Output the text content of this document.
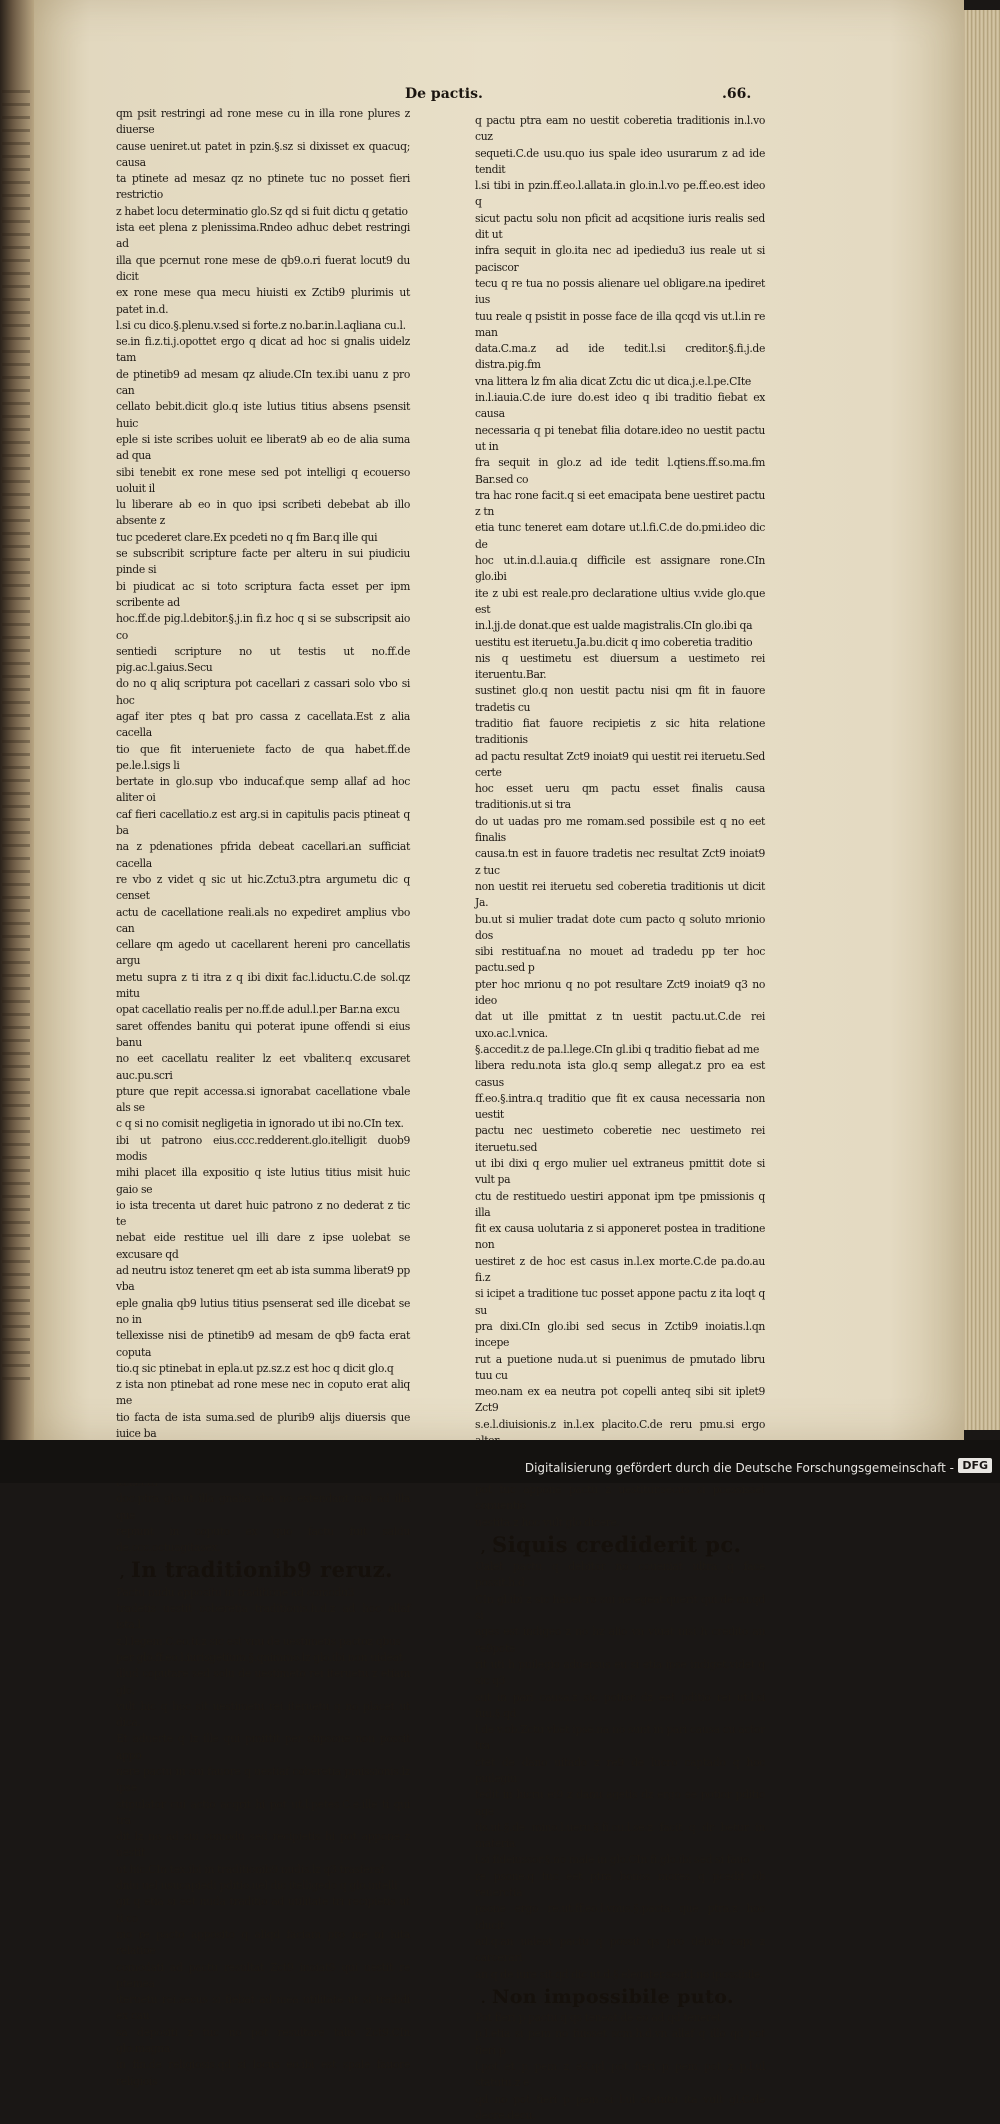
De pactis.	.66.

qm psit restringi ad rone mese cu in illa rone plures z diuerse
cause ueniret.ut patet in pzin.§.sz si dixisset ex quacuq; causa
ta ptinete ad mesaz qz no ptinete tuc no posset fieri restrictio
z habet locu determinatio glo.Sz qd si fuit dictu q getatio
ista eet plena z plenissima.Rndeo adhuc debet restringi ad
illa que pcernut rone mese de qb9.o.ri fuerat locut9 du dicit
ex rone mese qua mecu hiuisti ex Zctib9 plurimis ut patet in.d.
l.si cu dico.§.plenu.v.sed si forte.z no.bar.in.l.aqliana cu.l.
se.in fi.z.ti.j.opottet ergo q dicat ad hoc si gnalis uidelz tam
de ptinetib9 ad mesam qz aliude.CIn tex.ibi uanu z pro can
cellato bebit.dicit glo.q iste lutius titius absens psensit huic
eple si iste scribes uoluit ee liberat9 ab eo de alia suma ad qua
sibi tenebit ex rone mese sed pot intelligi q ecouerso uoluit il
lu liberare ab eo in quo ipsi scribeti debebat ab illo absente z
tuc pcederet clare.Ex pcedeti no q fm Bar.q ille qui
se subscribit scripture facte per alteru in sui piudiciu pinde si
bi piudicat ac si toto scriptura facta esset per ipm scribente ad
hoc.ff.de pig.l.debitor.§.j.in fi.z hoc q si se subscripsit aio co
sentiedi scripture no ut testis ut no.ff.de pig.ac.l.gaius.Secu
do no q aliq scriptura pot cacellari z cassari solo vbo si hoc
agaf iter ptes q bat pro cassa z cacellata.Est z alia cacella
tio que fit interueniete facto de qua habet.ff.de pe.le.l.sigs li
bertate in glo.sup vbo inducaf.que semp allaf ad hoc aliter oi
caf fieri cacellatio.z est arg.si in capitulis pacis ptineat q ba
na z pdenationes pfrida debeat cacellari.an sufficiat cacella
re vbo z videt q sic ut hic.Zctu3.ptra argumetu dic q censet
actu de cacellatione reali.als no expediret amplius vbo can
cellare qm agedo ut cacellarent hereni pro cancellatis argu
metu supra z ti itra z q ibi dixit fac.l.iductu.C.de sol.qz mitu
opat cacellatio realis per no.ff.de adul.l.per Bar.na excu
saret offendes banitu qui poterat ipune offendi si eius banu
no eet cacellatu realiter lz eet vbaliter.q excusaret auc.pu.scri
pture que repit accessa.si ignorabat cacellatione vbale als se
c q si no comisit negligetia in ignorado ut ibi no.CIn tex.
ibi ut patrono eius.ccc.redderent.glo.itelligit duob9 modis
mihi placet illa expositio q iste lutius titius misit huic gaio se
io ista trecenta ut daret huic patrono z no dederat z tic te
nebat eide restitue uel illi dare z ipse uolebat se excusare qd
ad neutru istoz teneret qm eet ab ista summa liberat9 pp vba
eple gnalia qb9 lutius titius psenserat sed ille dicebat se no in
tellexisse nisi de ptinetib9 ad mesam de qb9 facta erat coputa
tio.q sic ptinebat in epla.ut pz.sz.z est hoc q dicit glo.q
z ista non ptinebat ad rone mese nec in coputo erat aliq me
tio facta de ista suma.sed de plurib9 alijs diuersis que iuice ba

doc.ptra glo.ut illa gnalia vba no extendant nisi ad illa que
repiunt in coputo ex quo factu fuit saldu de.ccc.octuagitasex.

, In traditionib9 reruz.

Pactu nudu appositu in traditione ad comodu3
tradetis uestit coberetia traditionis.h.d.z ad hoc allaf ista.l.
z.l.legem.C.eo.ti.z sic est vnu de uestimetis pactoz qbus
per glo.ff.eo.l.iurisgetium.§.qnimmo.lz glo.ibi non uideat
illud coputare sed solu de uestimeto rei iteruetu z etiam glo.
vult hic q hoc sit uestimetu rei iteruetu q no placet ut dica.
Et aduerte q lz ille qui pmittit per stipsone non possit appo
nere pactu in sui fauore q uestiaf coberetia pmissionis.lz ipse
stipulator cui actio acqrit hi pot ut.l.petes.C.e.ille ti qui tra
dit lz no ad sui comodu sed recipietis hi pot appone z uestit
ut hic.CIn tex.ibi in traditionib9 nudis.lz q3 trasferaf
dniu uel usucapiedi pditio.uel dic itelligedo q glo.intelli
git q etia si eet nuda traditio ad utilitate tri recipietis ut ti co
mo re pacto apposito q aliqd faciam pro me ni hita relatioe
comodati ad pactu resultat Zct9 inoiat9 qui uestit re ptemea
iteruetu rei.secus si fiebat ad mea utilitate ut si tradidi ex cau
sa depositi z tuc no pot resultare talis Zct9.CIn glo.magna
in fin.de religiosis.qd si locus eo.ibi est spale fauore religiois

q pactu ptra eam no uestit coberetia traditionis in.l.vo cuz
sequeti.C.de usu.quo ius spale ideo usurarum z ad ide tendit
l.si tibi in pzin.ff.eo.l.allata.in glo.in.l.vo pe.ff.eo.est ideo q
sicut pactu solu non pficit ad acqsitione iuris realis sed dit ut
infra sequit in glo.ita nec ad ipediedu3 ius reale ut si paciscor
tecu q re tua no possis alienare uel obligare.na ipediret ius
tuu reale q psistit in posse face de illa qcqd vis ut.l.in re man
data.C.ma.z ad ide tedit.l.si creditor.§.fi.j.de distra.pig.fm
vna littera lz fm alia dicat Zctu dic ut dica.j.e.l.pe.CIte
in.l.iauia.C.de iure do.est ideo q ibi traditio fiebat ex causa
necessaria q pi tenebat filia dotare.ideo no uestit pactu ut in
fra sequit in glo.z ad ide tedit l.qtiens.ff.so.ma.fm Bar.sed co
tra hac rone facit.q si eet emacipata bene uestiret pactu z tn
etia tunc teneret eam dotare ut.l.fi.C.de do.pmi.ideo dic de
hoc ut.in.d.l.auia.q difficile est assignare rone.CIn glo.ibi
ite z ubi est reale.pro declaratione ultius v.vide glo.que est
in.l.jj.de donat.que est ualde magistralis.CIn glo.ibi qa
uestitu est iteruetu.Ja.bu.dicit q imo coberetia traditio
nis q uestimetu est diuersum a uestimeto rei iteruentu.Bar.
sustinet glo.q non uestit pactu nisi qm fit in fauore tradetis cu
traditio fiat fauore recipietis z sic hita relatione traditionis
ad pactu resultat Zct9 inoiat9 qui uestit rei iteruetu.Sed certe
hoc esset ueru qm pactu esset finalis causa traditionis.ut si tra
do ut uadas pro me romam.sed possibile est q no eet finalis
causa.tn est in fauore tradetis nec resultat Zct9 inoiat9 z tuc
non uestit rei iteruetu sed coberetia traditionis ut dicit Ja.
bu.ut si mulier tradat dote cum pacto q soluto mrionio dos
sibi restituaf.na no mouet ad tradedu pp ter hoc pactu.sed p
pter hoc mrionu q no pot resultare Zct9 inoiat9 q3 no ideo
dat ut ille pmittat z tn uestit pactu.ut.C.de rei uxo.ac.l.vnica.
§.accedit.z de pa.l.lege.CIn gl.ibi q traditio fiebat ad me
libera redu.nota ista glo.q semp allegat.z pro ea est casus
ff.eo.§.intra.q traditio que fit ex causa necessaria non uestit
pactu nec uestimeto coberetie nec uestimeto rei iteruetu.sed
ut ibi dixi q ergo mulier uel extraneus pmittit dote si vult pa
ctu de restituedo uestiri apponat ipm tpe pmissionis q illa
fit ex causa uolutaria z si apponeret postea in traditione non
uestiret z de hoc est casus in.l.ex morte.C.de pa.do.au fi.z
si icipet a traditione tuc posset appone pactu z ita loqt q su
pra dixi.CIn glo.ibi sed secus in Zctib9 inoiatis.l.qn incepe
rut a puetione nuda.ut si puenimus de pmutado libru tuu cu
meo.nam ex ea neutra pot copelli anteq sibi sit iplet9 Zct9
s.e.l.diuisionis.z in.l.ex placito.C.de reru pmu.si ergo

pot tuc appone pactu z uestitur.secus si pcessisset conuentio
uestita.z hoc vult glo.dicere.

, Siquis crediderit pc.

Ualet pactu q debitor no coueniat ultra q face possit.h.d.
CIn gl.ibi z sic habet ro sui ne egeat.querit qui.de cu.qd si
ages est indigeo z no hz alio vn viuat nisi h credito an re9pote
rit uti h puilegio aduersus eu si etia ipse indiget.videt q sic q3
sut in pari causa.z sic potior dz eet pditio rei ut.l.si fuu.§.qd
l.de v.ob.Zctu vbet ipse.na no sunt in pari causa cu actor tra
ctet de dano uitado z re9 de lucro captado q hoc puilegiu
tedit in lucru ei9 z danu agetis dz ergo ee potior pditio age
tis.ut.§.de mino.l.ueru.§.fi.cu.l.se.z facit q dr betur in materia
l.si fideiussor.§.no male in glo.CIn fi.glo.ibi sed si fauo
re psone.q tuc eet ptra bonos mores q pcedit ob reuerctia
psone ergo re.ut.ff.eo.l.vnus.§.pacta que ptra.z hoc iducit
ad.q.an ualeat pactu q possit qs pro debito capi z carcerari
an q de iure sit.qd dic ut.d.§.elegater.segf.l.no ipossibile.

. Non impossibile puto.

Pot fieri p pactu q qs teneat de eo ad qd teneret
p.l.etia si pem no fuisset scm.h.d.vn allaf q illo qd pot fieri p
l.pot et p pem z e3.qd pot fieri p pem pot z p.l.ul statutu.z e
qd no pot fieri p pem si l.ul statutu ita vult gl.C.de decre.decu.

Digitalisierung gefördert durch die Deutsche Forschungsgemeinschaft - DFG
